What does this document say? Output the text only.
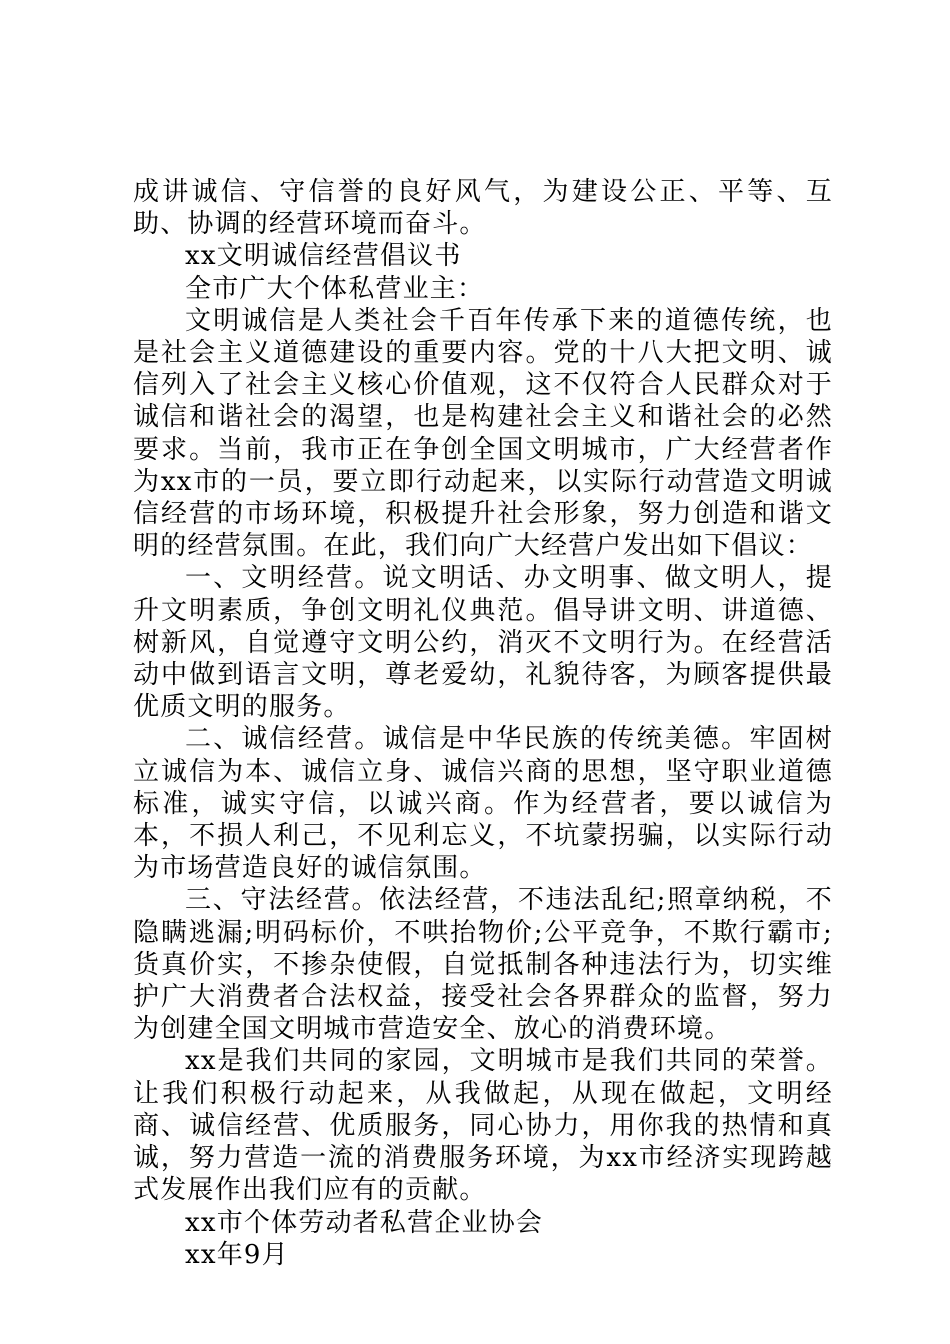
成讲诚信、守信誉的良好风气，为建设公正、平等、互助、协调的经营环境而奋斗。

xx文明诚信经营倡议书

全市广大个体私营业主：

文明诚信是人类社会千百年传承下来的道德传统，也是社会主义道德建设的重要内容。党的十八大把文明、诚信列入了社会主义核心价值观，这不仅符合人民群众对于诚信和谐社会的渴望，也是构建社会主义和谐社会的必然要求。当前，我市正在争创全国文明城市，广大经营者作为xx市的一员，要立即行动起来，以实际行动营造文明诚信经营的市场环境，积极提升社会形象，努力创造和谐文明的经营氛围。在此，我们向广大经营户发出如下倡议：

一、文明经营。说文明话、办文明事、做文明人，提升文明素质，争创文明礼仪典范。倡导讲文明、讲道德、树新风，自觉遵守文明公约，消灭不文明行为。在经营活动中做到语言文明，尊老爱幼，礼貌待客，为顾客提供最优质文明的服务。

二、诚信经营。诚信是中华民族的传统美德。牢固树立诚信为本、诚信立身、诚信兴商的思想，坚守职业道德标准，诚实守信，以诚兴商。作为经营者，要以诚信为本，不损人利己，不见利忘义，不坑蒙拐骗，以实际行动为市场营造良好的诚信氛围。

三、守法经营。依法经营，不违法乱纪;照章纳税，不隐瞒逃漏;明码标价，不哄抬物价;公平竞争，不欺行霸市;货真价实，不掺杂使假，自觉抵制各种违法行为，切实维护广大消费者合法权益，接受社会各界群众的监督，努力为创建全国文明城市营造安全、放心的消费环境。

xx是我们共同的家园，文明城市是我们共同的荣誉。让我们积极行动起来，从我做起，从现在做起，文明经商、诚信经营、优质服务，同心协力，用你我的热情和真诚，努力营造一流的消费服务环境，为xx市经济实现跨越式发展作出我们应有的贡献。

xx市个体劳动者私营企业协会

xx年9月
